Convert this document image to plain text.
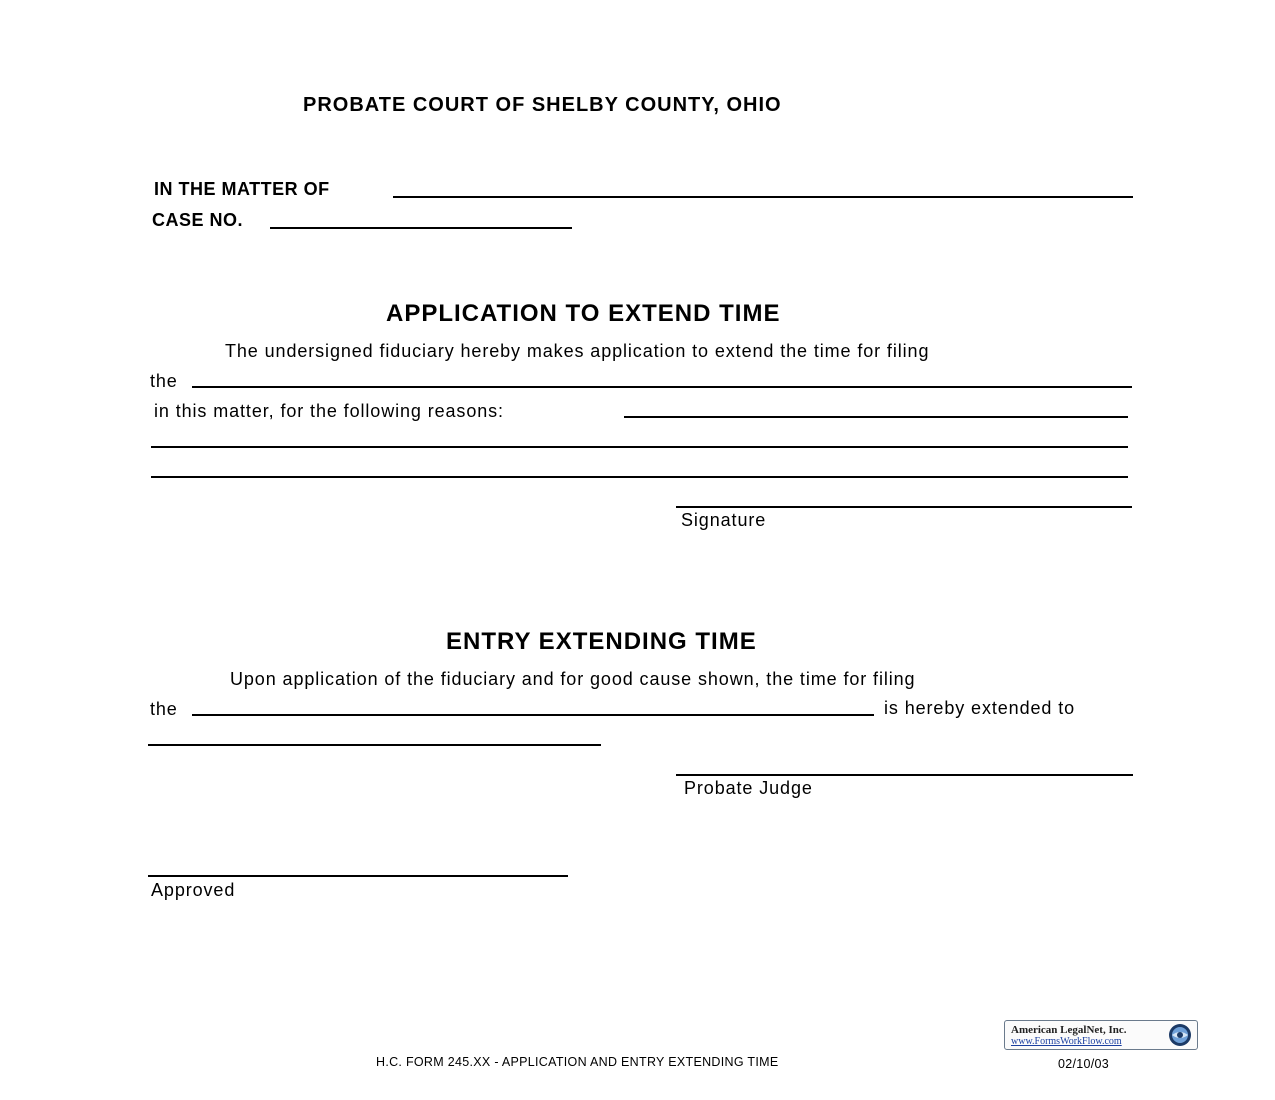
PROBATE COURT OF SHELBY COUNTY, OHIO
IN THE MATTER OF
CASE NO.
APPLICATION TO EXTEND TIME
The undersigned fiduciary hereby makes application to extend the time for filing
the
in this matter, for the following reasons:
Signature
ENTRY EXTENDING TIME
Upon application of the fiduciary and for good cause shown, the time for filing
the	is hereby extended to
Probate Judge
Approved
H.C. FORM 245.XX - APPLICATION AND ENTRY EXTENDING TIME	02/10/03
American LegalNet, Inc.
www.FormsWorkFlow.com
